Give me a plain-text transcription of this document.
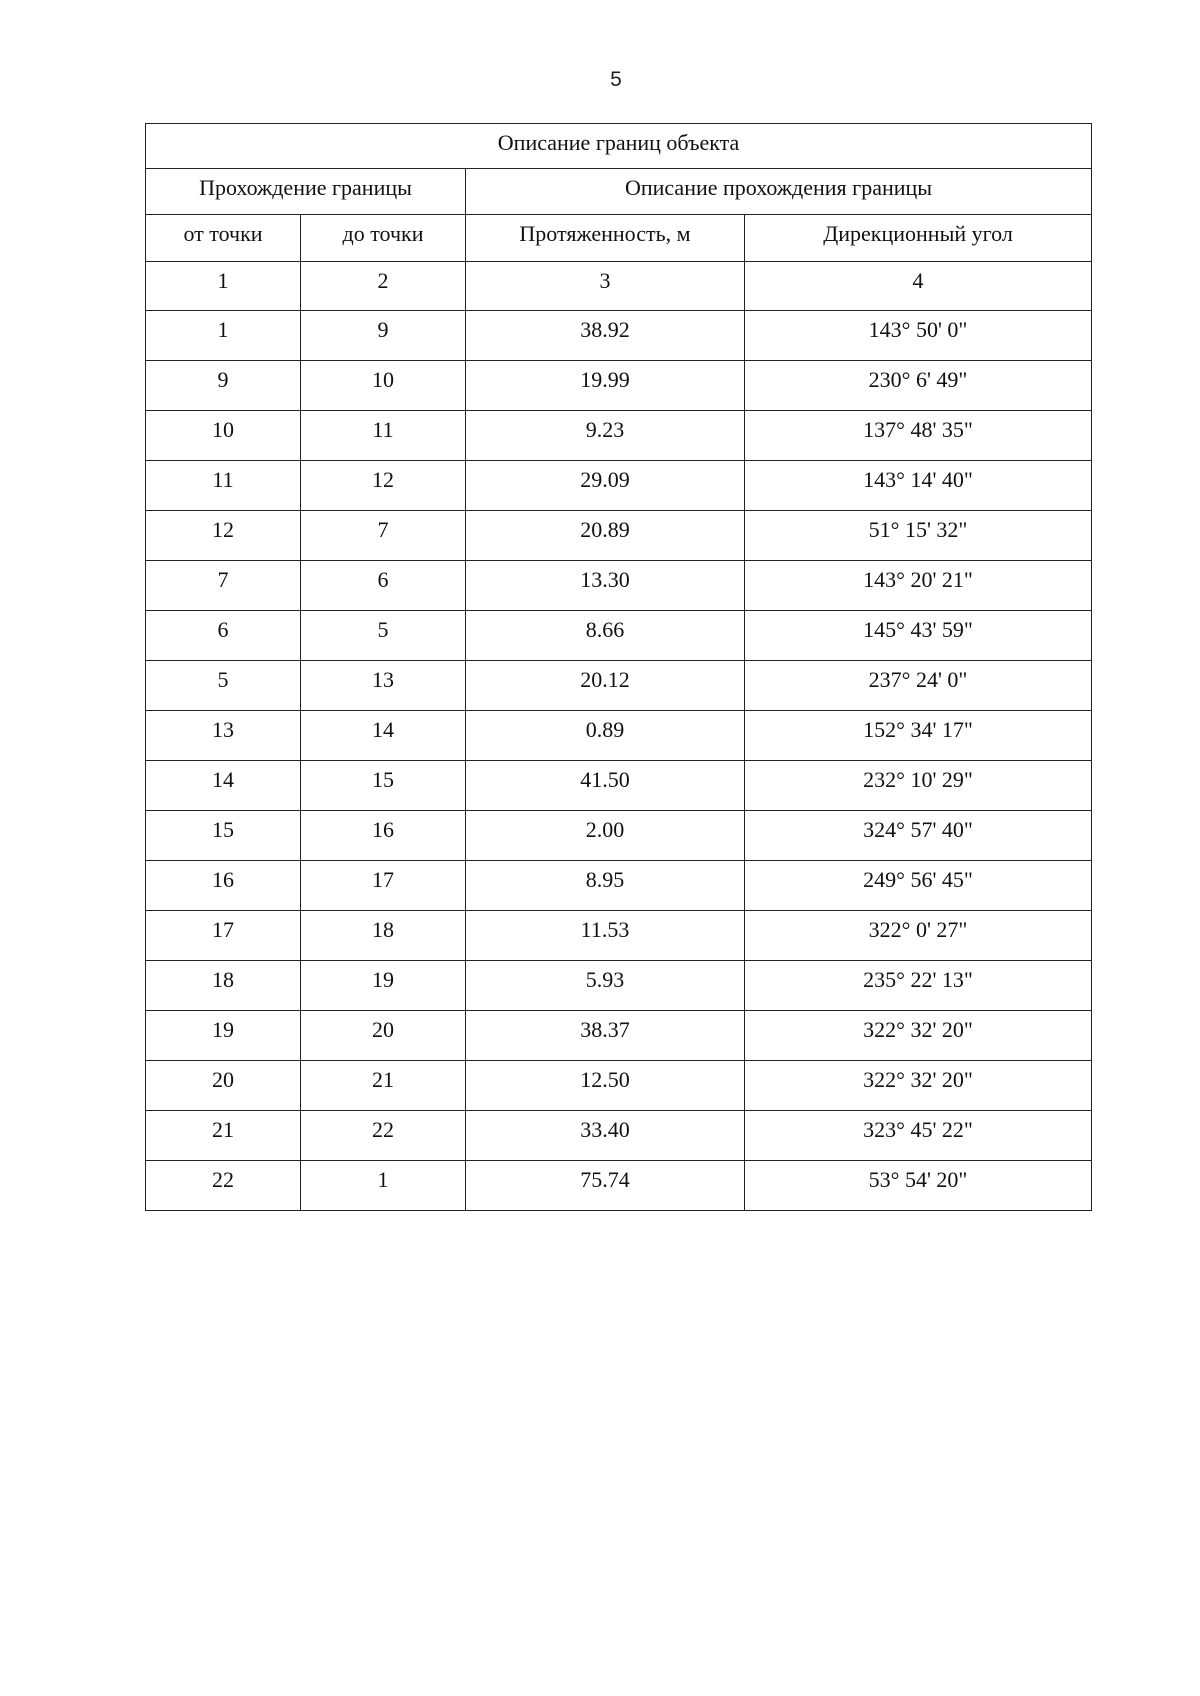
5
Описание границ объекта			
Прохождение границы		Описание прохождения границы	
от точки	до точки	Протяженность, м	Дирекционный угол
1	2	3	4
1	9	38.92	143° 50' 0"
9	10	19.99	230° 6' 49"
10	11	9.23	137° 48' 35"
11	12	29.09	143° 14' 40"
12	7	20.89	51° 15' 32"
7	6	13.30	143° 20' 21"
6	5	8.66	145° 43' 59"
5	13	20.12	237° 24' 0"
13	14	0.89	152° 34' 17"
14	15	41.50	232° 10' 29"
15	16	2.00	324° 57' 40"
16	17	8.95	249° 56' 45"
17	18	11.53	322° 0' 27"
18	19	5.93	235° 22' 13"
19	20	38.37	322° 32' 20"
20	21	12.50	322° 32' 20"
21	22	33.40	323° 45' 22"
22	1	75.74	53° 54' 20"
